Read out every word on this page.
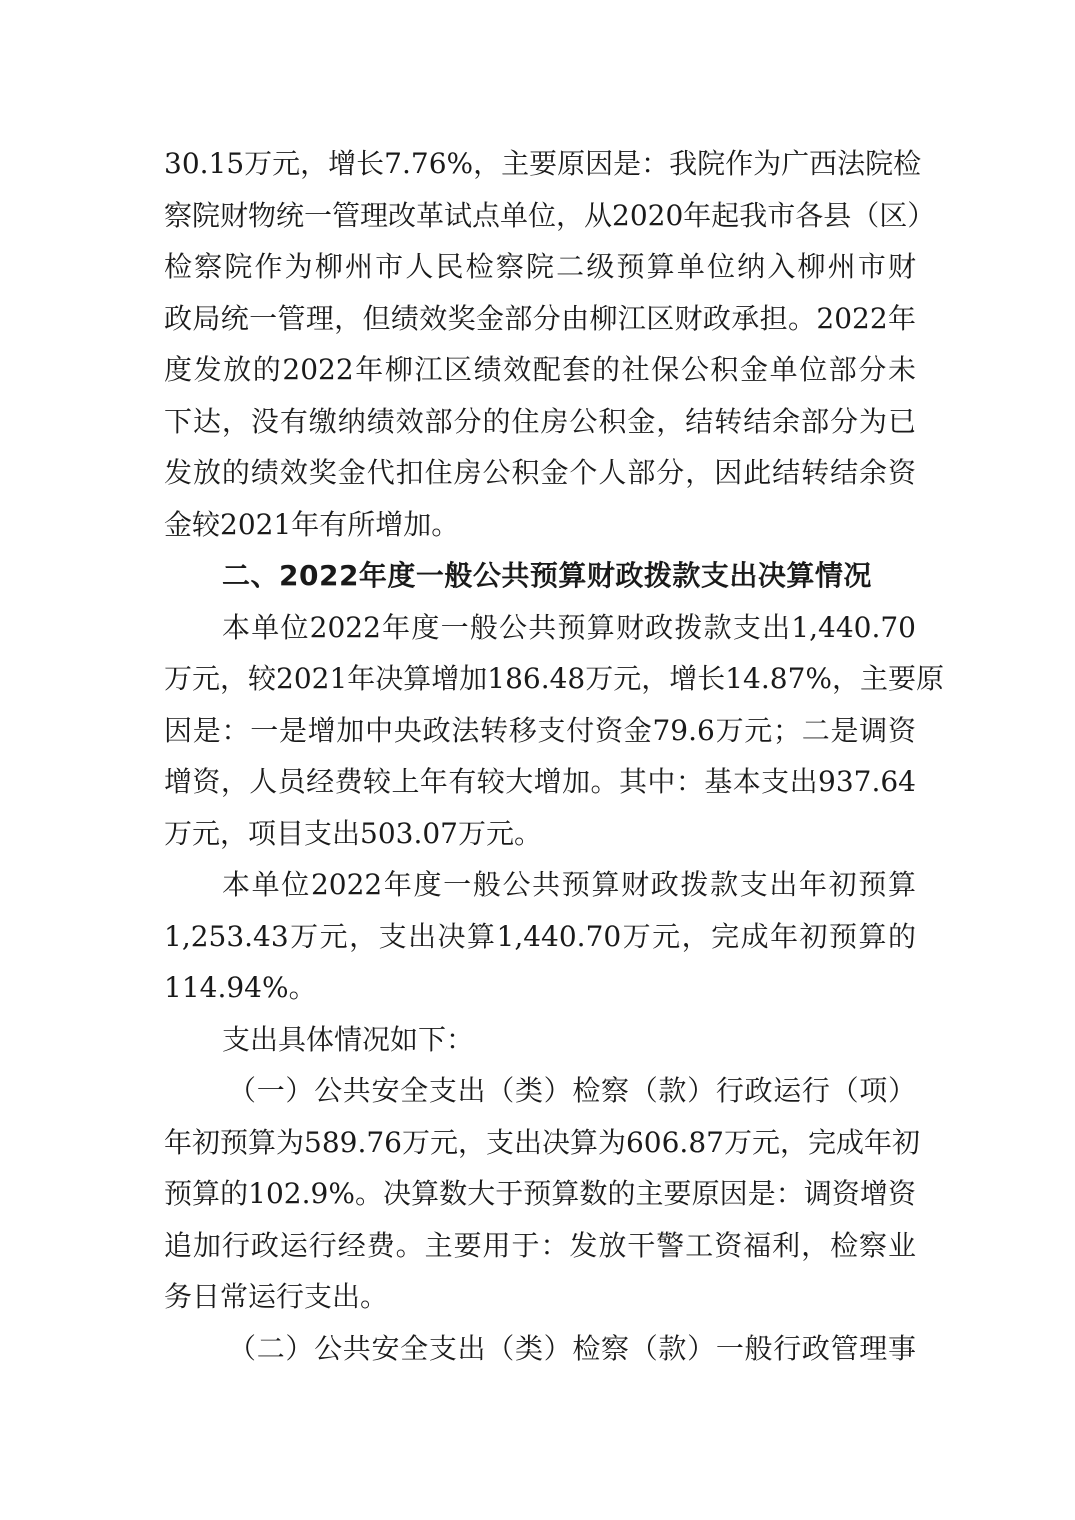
30.15万元，增长7.76%，主要原因是：我院作为广西法院检
察院财物统一管理改革试点单位，从2020年起我市各县（区）
检察院作为柳州市人民检察院二级预算单位纳入柳州市财
政局统一管理，但绩效奖金部分由柳江区财政承担。2022年
度发放的2022年柳江区绩效配套的社保公积金单位部分未
下达，没有缴纳绩效部分的住房公积金，结转结余部分为已
发放的绩效奖金代扣住房公积金个人部分，因此结转结余资
金较2021年有所增加。
二、2022年度一般公共预算财政拨款支出决算情况
本单位2022年度一般公共预算财政拨款支出1,440.70
万元，较2021年决算增加186.48万元，增长14.87%，主要原
因是：一是增加中央政法转移支付资金79.6万元；二是调资
增资，人员经费较上年有较大增加。其中：基本支出937.64
万元，项目支出503.07万元。
本单位2022年度一般公共预算财政拨款支出年初预算
1,253.43万元，支出决算1,440.70万元，完成年初预算的
114.94%。
支出具体情况如下：
（一）公共安全支出（类）检察（款）行政运行（项）
年初预算为589.76万元，支出决算为606.87万元，完成年初
预算的102.9%。决算数大于预算数的主要原因是：调资增资
追加行政运行经费。主要用于：发放干警工资福利，检察业
务日常运行支出。
（二）公共安全支出（类）检察（款）一般行政管理事
